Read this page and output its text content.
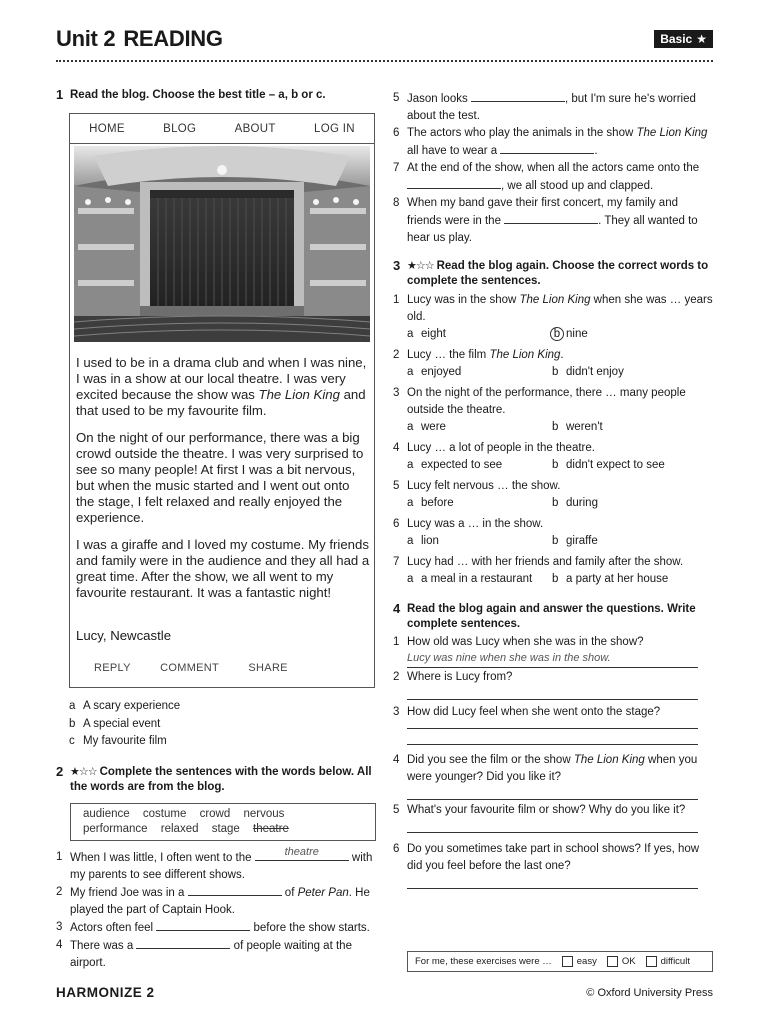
Unit 2 READING	Basic ★
1 Read the blog. Choose the best title – a, b or c.
HOME	BLOG	ABOUT	LOG IN

I used to be in a drama club and when I was nine, I was in a show at our local theatre. I was very excited because the show was The Lion King and that used to be my favourite film.

On the night of our performance, there was a big crowd outside the theatre. I was very surprised to see so many people! At first I was a bit nervous, but when the music started and I went out onto the stage, I felt relaxed and really enjoyed the experience.

I was a giraffe and I loved my costume. My friends and family were in the audience and they all had a great time. After the show, we all went to my favourite restaurant. It was a fantastic night!

Lucy, Newcastle
REPLY	COMMENT	SHARE
a A scary experience
b A special event
c My favourite film
2 ★☆☆ Complete the sentences with the words below. All the words are from the blog.
audience costume crowd nervous
performance relaxed stage theatre
1 When I was little, I often went to the	theatre	with my parents to see different shows.
2 My friend Joe was in a	of Peter Pan. He played the part of Captain Hook.
3 Actors often feel	before the show starts.
4 There was a	of people waiting at the airport.
5 Jason looks	, but I'm sure he's worried about the test.
6 The actors who play the animals in the show The Lion King all have to wear a	.
7 At the end of the show, when all the actors came onto the , we all stood up and clapped.
8 When my band gave their first concert, my family and friends were in the	. They all wanted to hear us play.
3 ★☆☆ Read the blog again. Choose the correct words to complete the sentences.
1 Lucy was in the show The Lion King when she was … years old.
a eight	b nine
2 Lucy … the film The Lion King.
a enjoyed	b didn't enjoy
3 On the night of the performance, there … many people outside the theatre.
a were	b weren't
4 Lucy … a lot of people in the theatre.
a expected to see	b didn't expect to see
5 Lucy felt nervous … the show.
a before	b during
6 Lucy was a … in the show.
a lion	b giraffe
7 Lucy had … with her friends and family after the show.
a a meal in a restaurant	b a party at her house
4 Read the blog again and answer the questions. Write complete sentences.
1 How old was Lucy when she was in the show?
Lucy was nine when she was in the show.
2 Where is Lucy from?
3 How did Lucy feel when she went onto the stage?
4 Did you see the film or the show The Lion King when you were younger? Did you like it?
5 What's your favourite film or show? Why do you like it?
6 Do you sometimes take part in school shows? If yes, how did you feel before the last one?
For me, these exercises were …	easy	OK	difficult
HARMONIZE 2	© Oxford University Press
